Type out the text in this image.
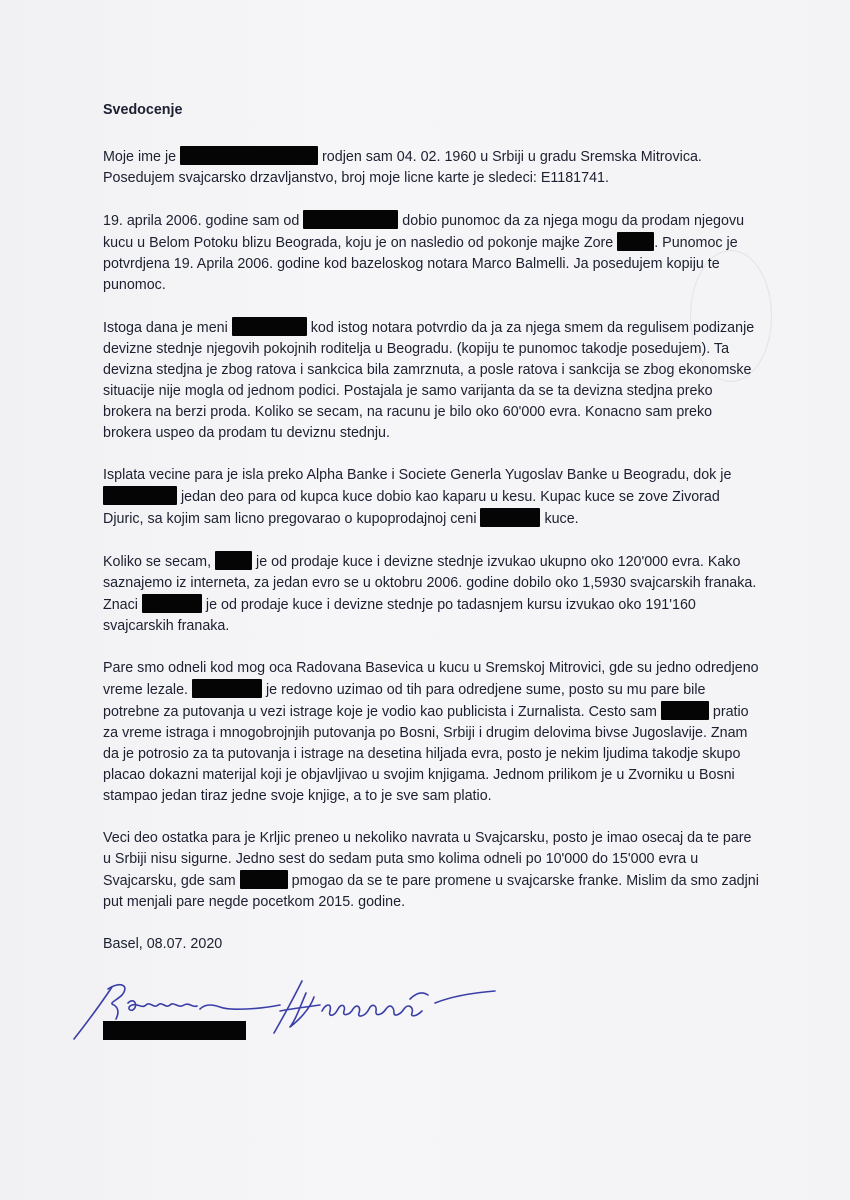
Svedocenje
Moje ime je	rodjen sam 04. 02. 1960 u Srbiji u gradu Sremska Mitrovica. Posedujem svajcarsko drzavljanstvo, broj moje licne karte je sledeci: E1181741.
19. aprila 2006. godine sam od	dobio punomoc da za njega mogu da prodam njegovu kucu u Belom Potoku blizu Beograda, koju je on nasledio od pokonje majke Zore	. Punomoc je potvrdjena 19. Aprila 2006. godine kod bazeloskog notara Marco Balmelli. Ja posedujem kopiju te punomoc.
Istoga dana je meni	kod istog notara potvrdio da ja za njega smem da regulisem podizanje devizne stednje njegovih pokojnih roditelja u Beogradu. (kopiju te punomoc takodje posedujem). Ta devizna stedjna je zbog ratova i sankcica bila zamrznuta, a posle ratova i sankcija se zbog ekonomske situacije nije mogla od jednom podici. Postajala je samo varijanta da se ta devizna stedjna preko brokera na berzi proda. Koliko se secam, na racunu je bilo oko 60'000 evra. Konacno sam preko brokera uspeo da prodam tu deviznu stednju.
Isplata vecine para je isla preko Alpha Banke i Societe Generla Yugoslav Banke u Beogradu, dok je  jedan deo para od kupca kuce dobio kao kaparu u kesu. Kupac kuce se zove Zivorad Djuric, sa kojim sam licno pregovarao o kupoprodajnoj ceni	kuce.
Koliko se secam,	je od prodaje kuce i devizne stednje izvukao ukupno oko 120'000 evra. Kako saznajemo iz interneta, za jedan evro se u oktobru 2006. godine dobilo oko 1,5930 svajcarskih franaka. Znaci	je od prodaje kuce i devizne stednje po tadasnjem kursu izvukao oko 191'160 svajcarskih franaka.
Pare smo odneli kod mog oca Radovana Basevica u kucu u Sremskoj Mitrovici, gde su jedno odredjeno vreme lezale.	je redovno uzimao od tih para odredjene sume, posto su mu pare bile potrebne za putovanja u vezi istrage koje je vodio kao publicista i Zurnalista. Cesto sam	pratio za vreme istraga i mnogobrojnjih putovanja po Bosni, Srbiji i drugim delovima bivse Jugoslavije. Znam da je potrosio za ta putovanja i istrage na desetina hiljada evra, posto je nekim ljudima takodje skupo placao dokazni materijal koji je objavljivao u svojim knjigama. Jednom prilikom je u Zvorniku u Bosni stampao jedan tiraz jedne svoje knjige, a to je sve sam platio.
Veci deo ostatka para je Krljic preneo u nekoliko navrata u Svajcarsku, posto je imao osecaj da te pare u Srbiji nisu sigurne. Jedno sest do sedam puta smo kolima odneli po 10'000 do 15'000 evra u Svajcarsku, gde sam	pmogao da se te pare promene u svajcarske franke. Mislim da smo zadjni put menjali pare negde pocetkom 2015. godine.
Basel, 08.07. 2020
